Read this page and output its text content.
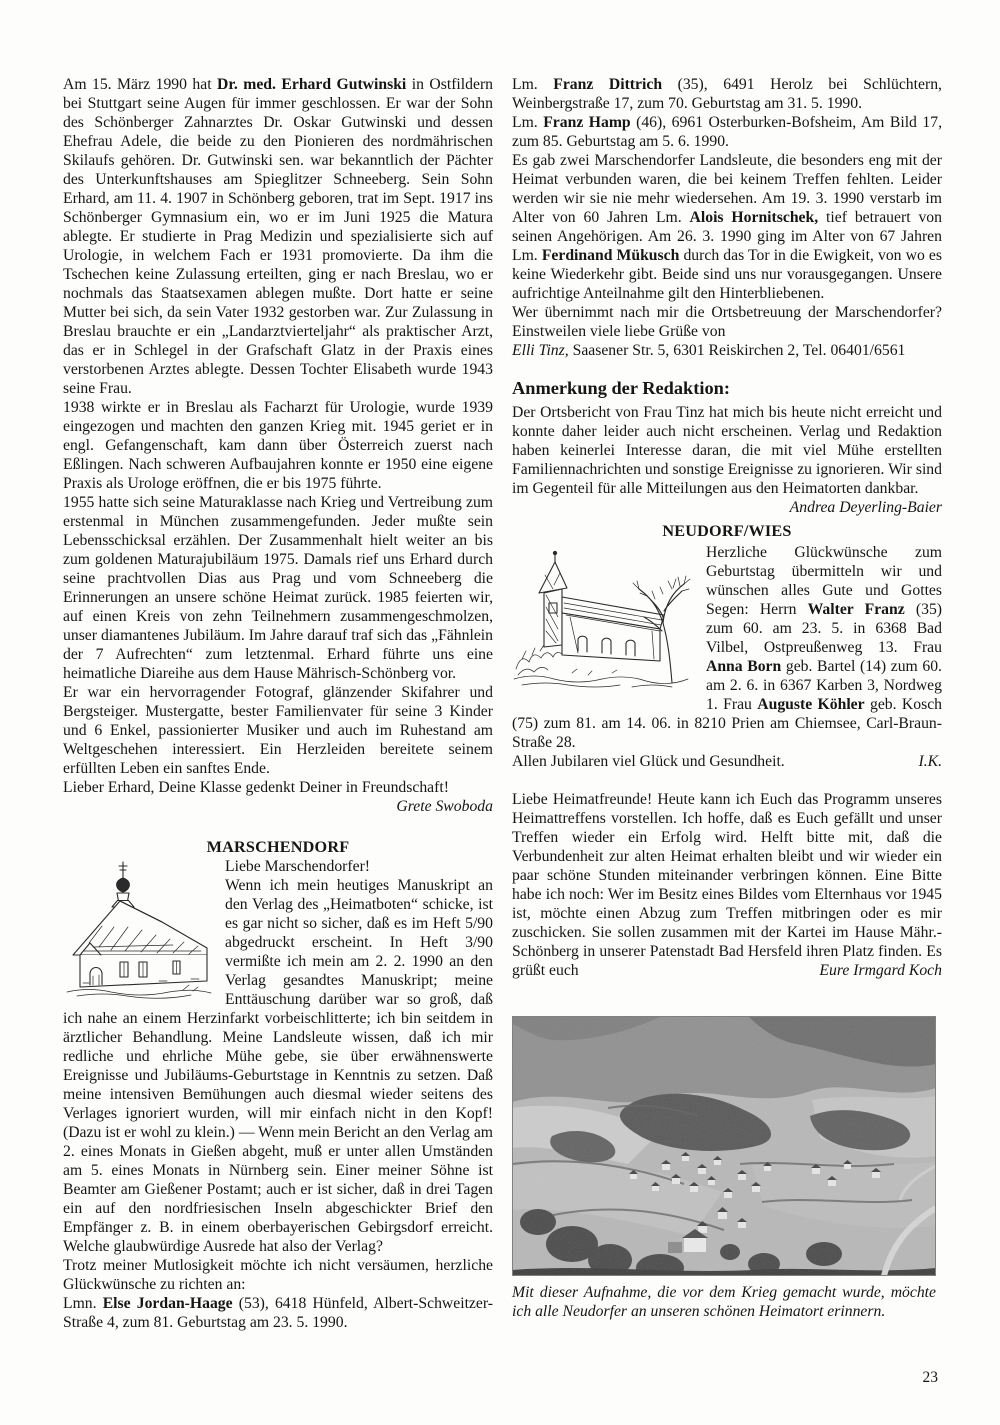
Am 15. März 1990 hat Dr. med. Erhard Gutwinski in Ostfildern bei Stuttgart seine Augen für immer geschlossen. Er war der Sohn des Schönberger Zahnarztes Dr. Oskar Gutwinski und dessen Ehefrau Adele, die beide zu den Pionieren des nordmährischen Skilaufs gehören. Dr. Gutwinski sen. war bekanntlich der Pächter des Unterkunftshauses am Spieglitzer Schneeberg. Sein Sohn Erhard, am 11. 4. 1907 in Schönberg geboren, trat im Sept. 1917 ins Schönberger Gymnasium ein, wo er im Juni 1925 die Matura ablegte. Er studierte in Prag Medizin und spezialisierte sich auf Urologie, in welchem Fach er 1931 promovierte. Da ihm die Tschechen keine Zulassung erteilten, ging er nach Breslau, wo er nochmals das Staatsexamen ablegen mußte. Dort hatte er seine Mutter bei sich, da sein Vater 1932 gestorben war. Zur Zulassung in Breslau brauchte er ein „Landarztvierteljahr“ als praktischer Arzt, das er in Schlegel in der Grafschaft Glatz in der Praxis eines verstorbenen Arztes ablegte. Dessen Tochter Elisabeth wurde 1943 seine Frau.

1938 wirkte er in Breslau als Facharzt für Urologie, wurde 1939 eingezogen und machten den ganzen Krieg mit. 1945 geriet er in engl. Gefangenschaft, kam dann über Österreich zuerst nach Eßlingen. Nach schweren Aufbaujahren konnte er 1950 eine eigene Praxis als Urologe eröffnen, die er bis 1975 führte.

1955 hatte sich seine Maturaklasse nach Krieg und Vertreibung zum erstenmal in München zusammengefunden. Jeder mußte sein Lebensschicksal erzählen. Der Zusammenhalt hielt weiter an bis zum goldenen Maturajubiläum 1975. Damals rief uns Erhard durch seine prachtvollen Dias aus Prag und vom Schneeberg die Erinnerungen an unsere schöne Heimat zurück. 1985 feierten wir, auf einen Kreis von zehn Teilnehmern zusammengeschmolzen, unser diamantenes Jubiläum. Im Jahre darauf traf sich das „Fähnlein der 7 Aufrechten“ zum letztenmal. Erhard führte uns eine heimatliche Diareihe aus dem Hause Mährisch-Schönberg vor.

Er war ein hervorragender Fotograf, glänzender Skifahrer und Bergsteiger. Mustergatte, bester Familienvater für seine 3 Kinder und 6 Enkel, passionierter Musiker und auch im Ruhestand am Weltgeschehen interessiert. Ein Herzleiden bereitete seinem erfüllten Leben ein sanftes Ende.

Lieber Erhard, Deine Klasse gedenkt Deiner in Freundschaft!

Grete Swoboda
MARSCHENDORF

Liebe Marschendorfer!

Wenn ich mein heutiges Manuskript an den Verlag des „Heimatboten“ schicke, ist es gar nicht so sicher, daß es im Heft 5/90 abgedruckt erscheint. In Heft 3/90 vermißte ich mein am 2. 2. 1990 an den Verlag gesandtes Manuskript; meine Enttäuschung darüber war so groß, daß ich nahe an einem Herzinfarkt vorbeischlitterte; ich bin seitdem in ärztlicher Behandlung. Meine Landsleute wissen, daß ich mir redliche und ehrliche Mühe gebe, sie über erwähnenswerte Ereignisse und Jubiläums-Geburtstage in Kenntnis zu setzen. Daß meine intensiven Bemühungen auch diesmal wieder seitens des Verlages ignoriert wurden, will mir einfach nicht in den Kopf! (Dazu ist er wohl zu klein.) — Wenn mein Bericht an den Verlag am 2. eines Monats in Gießen abgeht, muß er unter allen Umständen am 5. eines Monats in Nürnberg sein. Einer meiner Söhne ist Beamter am Gießener Postamt; auch er ist sicher, daß in drei Tagen ein auf den nordfriesischen Inseln abgeschickter Brief den Empfänger z. B. in einem oberbayerischen Gebirgsdorf erreicht. Welche glaubwürdige Ausrede hat also der Verlag?

Trotz meiner Mutlosigkeit möchte ich nicht versäumen, herzliche Glückwünsche zu richten an:

Lmn. Else Jordan-Haage (53), 6418 Hünfeld, Albert-Schweitzer-Straße 4, zum 81. Geburtstag am 23. 5. 1990.

Lm. Franz Dittrich (35), 6491 Herolz bei Schlüchtern, Weinbergstraße 17, zum 70. Geburtstag am 31. 5. 1990.

Lm. Franz Hamp (46), 6961 Osterburken-Bofsheim, Am Bild 17, zum 85. Geburtstag am 5. 6. 1990.

Es gab zwei Marschendorfer Landsleute, die besonders eng mit der Heimat verbunden waren, die bei keinem Treffen fehlten. Leider werden wir sie nie mehr wiedersehen. Am 19. 3. 1990 verstarb im Alter von 60 Jahren Lm. Alois Hornitschek, tief betrauert von seinen Angehörigen. Am 26. 3. 1990 ging im Alter von 67 Jahren Lm. Ferdinand Mükusch durch das Tor in die Ewigkeit, von wo es keine Wiederkehr gibt. Beide sind uns nur vorausgegangen. Unsere aufrichtige Anteilnahme gilt den Hinterbliebenen.

Wer übernimmt nach mir die Ortsbetreuung der Marschendorfer? Einstweilen viele liebe Grüße von

Elli Tinz, Saasener Str. 5, 6301 Reiskirchen 2, Tel. 06401/6561

Anmerkung der Redaktion:

Der Ortsbericht von Frau Tinz hat mich bis heute nicht erreicht und konnte daher leider auch nicht erscheinen. Verlag und Redaktion haben keinerlei Interesse daran, die mit viel Mühe erstellten Familiennachrichten und sonstige Ereignisse zu ignorieren. Wir sind im Gegenteil für alle Mitteilungen aus den Heimatorten dankbar.
Andrea Deyerling-Baier

NEUDORF/WIES

Herzliche Glückwünsche zum Geburtstag übermitteln wir und wünschen alles Gute und Gottes Segen: Herrn Walter Franz (35) zum 60. am 23. 5. in 6368 Bad Vilbel, Ostpreußenweg 13. Frau Anna Born geb. Bartel (14) zum 60. am 2. 6. in 6367 Karben 3, Nordweg 1. Frau Auguste Köhler geb. Kosch (75) zum 81. am 14. 06. in 8210 Prien am Chiemsee, Carl-Braun-Straße 28.

Allen Jubilaren viel Glück und Gesundheit.	I.K.

Liebe Heimatfreunde! Heute kann ich Euch das Programm unseres Heimattreffens vorstellen. Ich hoffe, daß es Euch gefällt und unser Treffen wieder ein Erfolg wird. Helft bitte mit, daß die Verbundenheit zur alten Heimat erhalten bleibt und wir wieder ein paar schöne Stunden miteinander verbringen können. Eine Bitte habe ich noch: Wer im Besitz eines Bildes vom Elternhaus vor 1945 ist, möchte einen Abzug zum Treffen mitbringen oder es mir zuschicken. Sie sollen zusammen mit der Kartei im Hause Mähr.-Schönberg in unserer Patenstadt Bad Hersfeld ihren Platz finden. Es grüßt euch	Eure Irmgard Koch

Mit dieser Aufnahme, die vor dem Krieg gemacht wurde, möchte ich alle Neudorfer an unseren schönen Heimatort erinnern.
23
